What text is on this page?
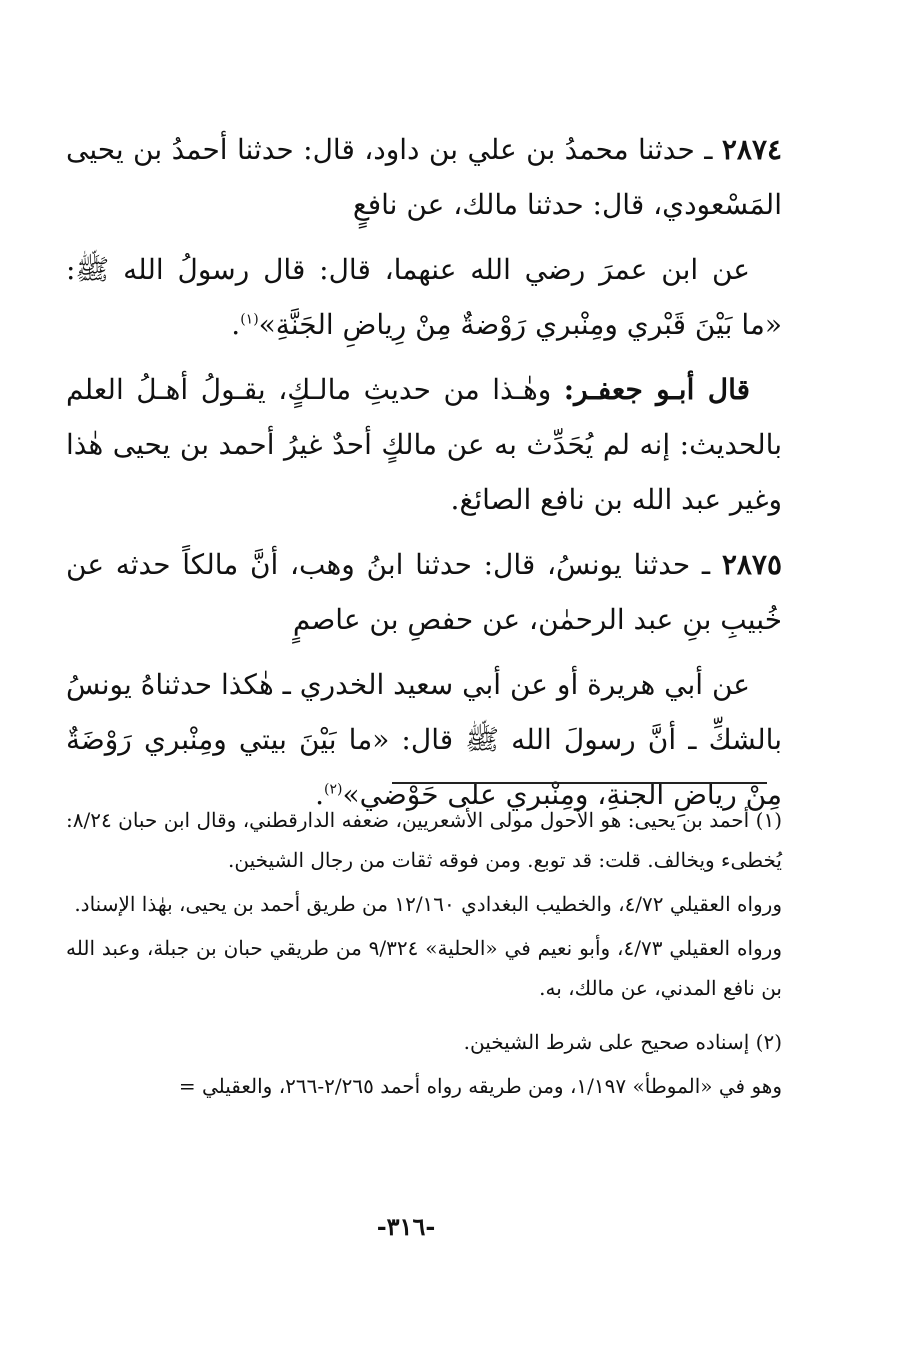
٢٨٧٤ ـ حدثنا محمدُ بن علي بن داود، قال: حدثنا أحمدُ بن يحيى المَسْعودي، قال: حدثنا مالك، عن نافعٍ

عن ابن عمرَ رضي الله عنهما، قال: قال رسولُ الله ﷺ: «ما بَيْنَ قَبْري ومِنْبري رَوْضةٌ مِنْ رِياضِ الجَنَّةِ»$^{(١)}$.

قال أبـو جعفـر: وهٰـذا من حديثِ مالـكٍ، يقـولُ أهـلُ العلم بالحديث: إنه لم يُحَدِّث به عن مالكٍ أحدٌ غيرُ أحمد بن يحيى هٰذا وغير عبد الله بن نافع الصائغ.

٢٨٧٥ ـ حدثنا يونسُ، قال: حدثنا ابنُ وهب، أنَّ مالكاً حدثه عن خُبيبِ بنِ عبد الرحمٰن، عن حفصِ بن عاصمٍ

عن أبي هريرة أو عن أبي سعيد الخدري ـ هٰكذا حدثناهُ يونسُ بالشكِّ ـ أنَّ رسولَ الله ﷺ قال: «ما بَيْنَ بيتي ومِنْبري رَوْضَةٌ مِنْ رياضِ الجنةِ، ومِنْبري على حَوْضي»$^{(٢)}$.

(١) أحمد بن يحيى: هو الأحول مولى الأشعريين، ضعفه الدارقطني، وقال ابن حبان ٨/٢٤: يُخطىء ويخالف. قلت: قد توبع. ومن فوقه ثقات من رجال الشيخين.

ورواه العقيلي ٤/٧٢، والخطيب البغدادي ١٢/١٦٠ من طريق أحمد بن يحيى، بهٰذا الإسناد.

ورواه العقيلي ٤/٧٣، وأبو نعيم في «الحلية» ٩/٣٢٤ من طريقي حبان بن جبلة، وعبد الله بن نافع المدني، عن مالك، به.

(٢) إسناده صحيح على شرط الشيخين.

وهو في «الموطأ» ١/١٩٧، ومن طريقه رواه أحمد ٢/٢٦٥-٢٦٦، والعقيلي =

-٣١٦-
